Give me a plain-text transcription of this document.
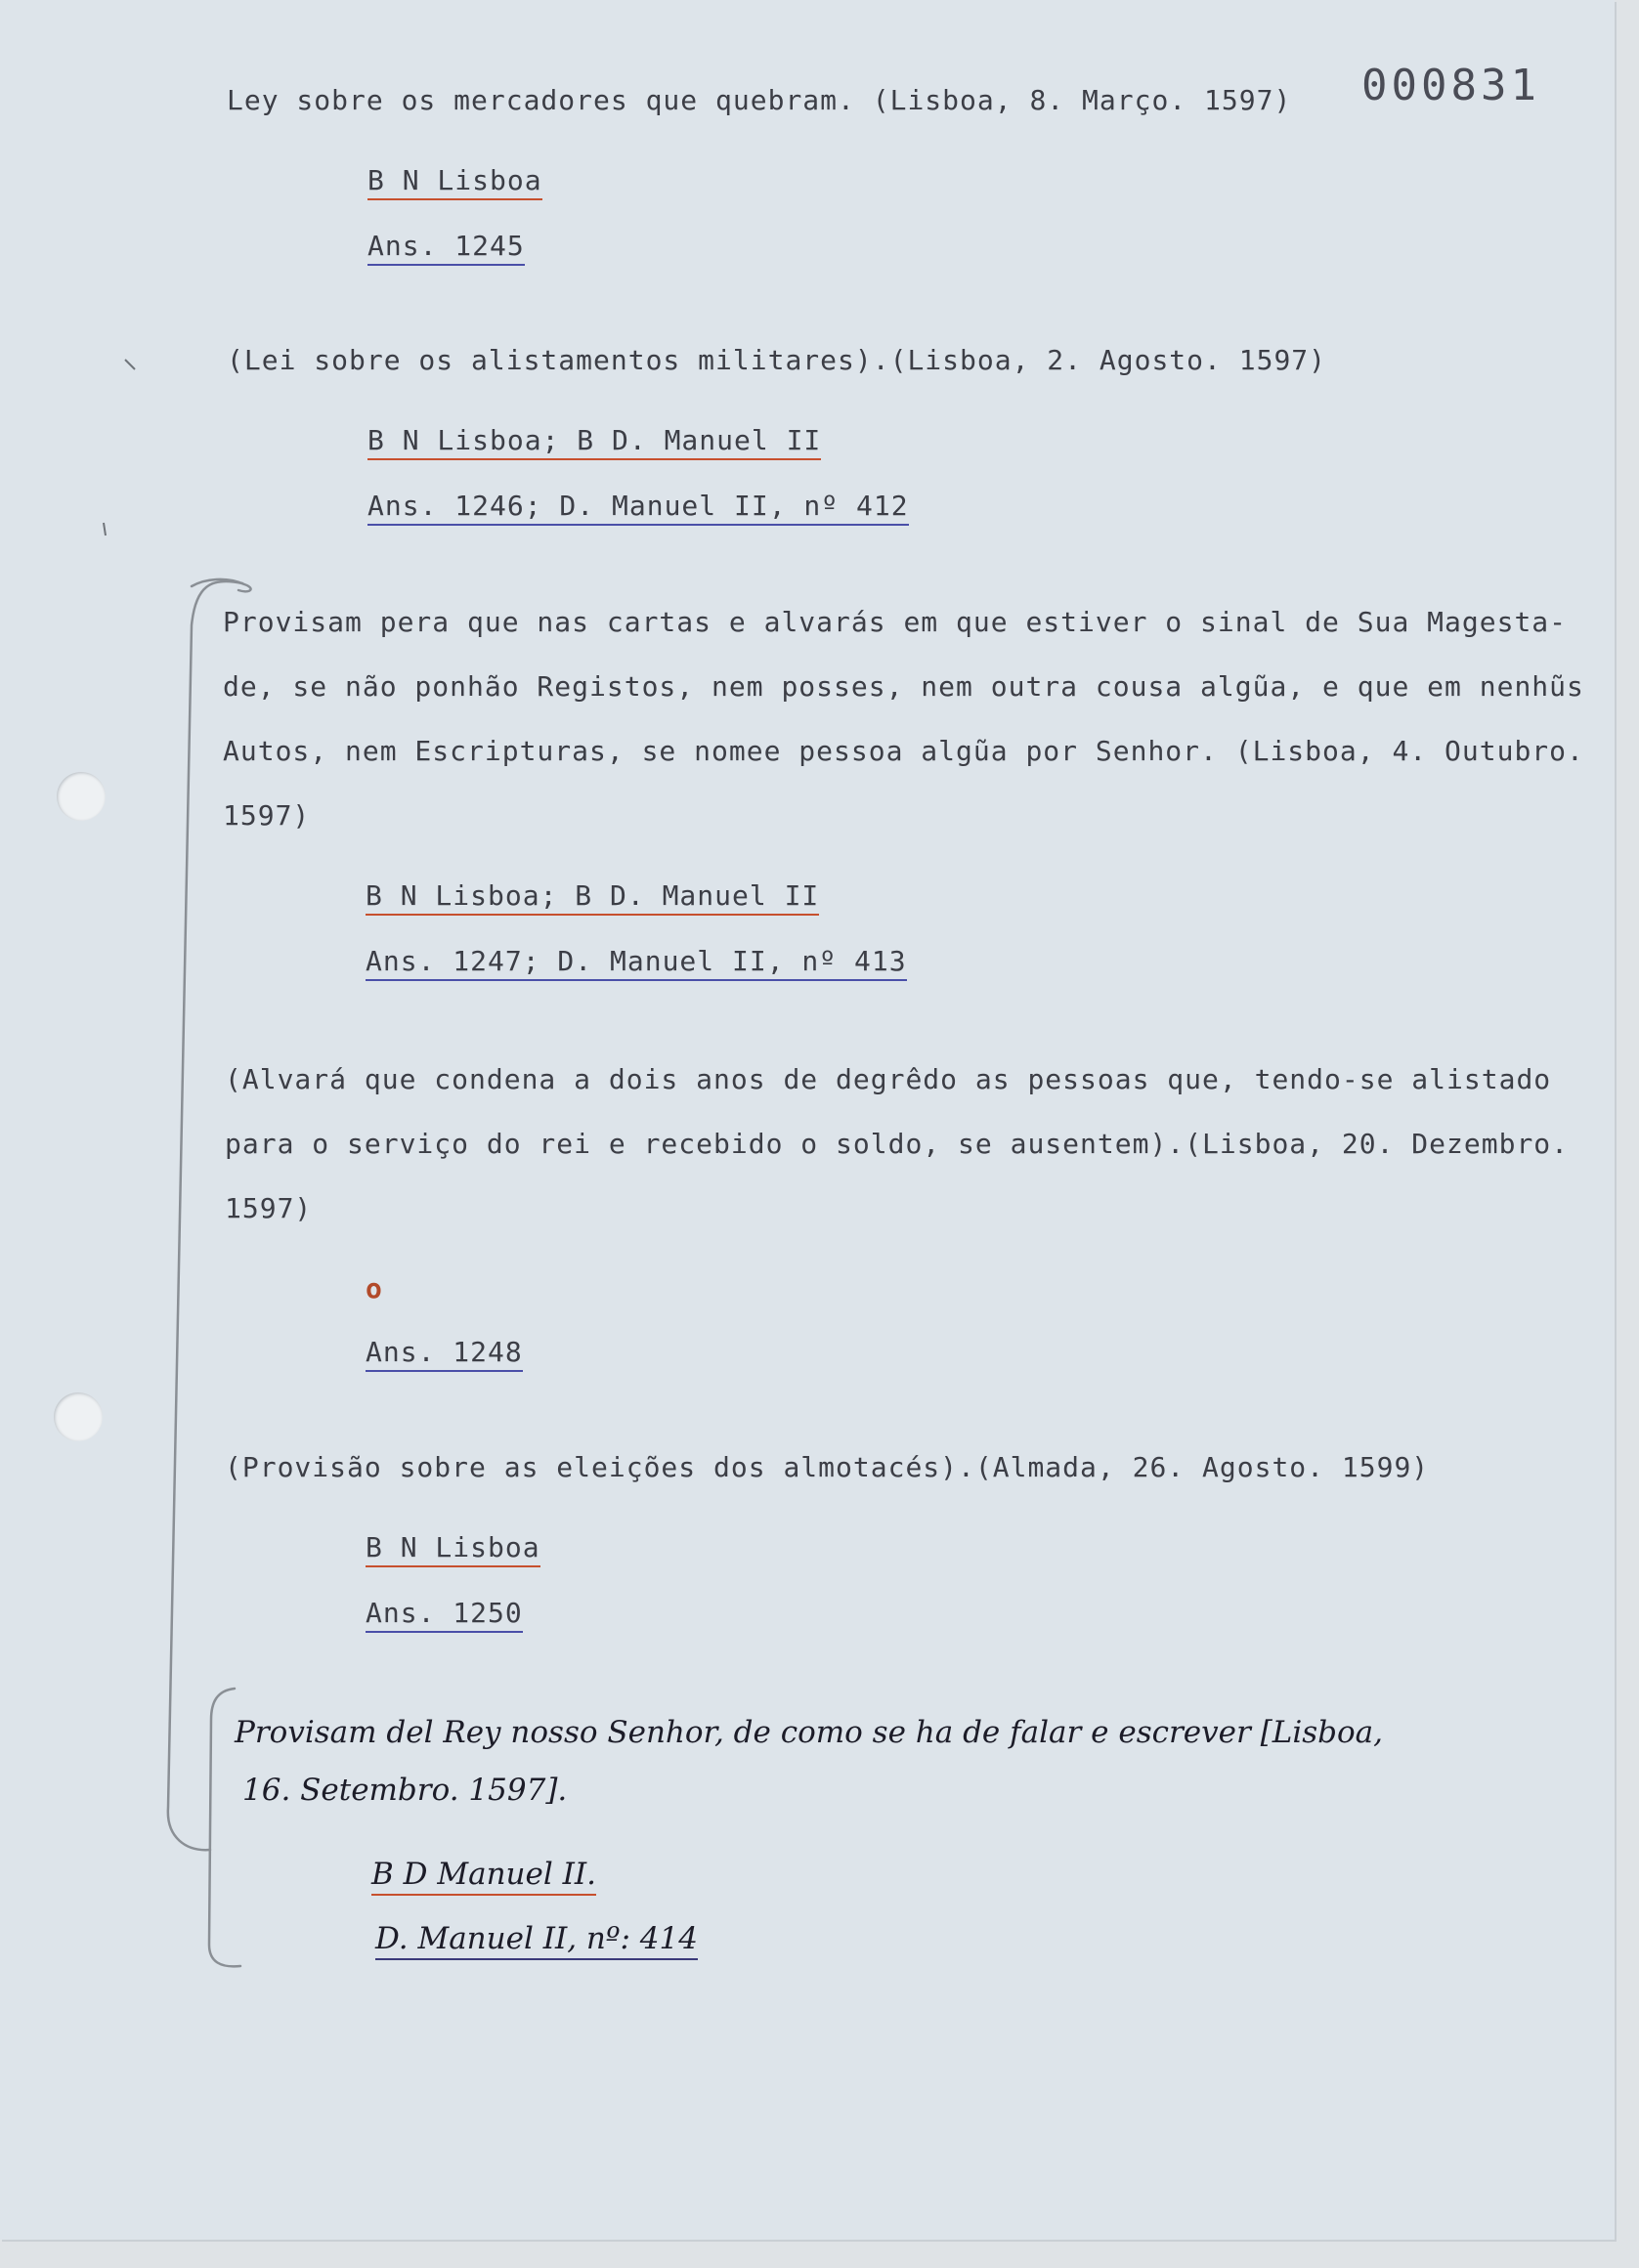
000831
Ley sobre os mercadores que quebram. (Lisboa, 8. Março. 1597)
B N Lisboa
Ans. 1245
(Lei sobre os alistamentos militares).(Lisboa, 2. Agosto. 1597)
B N Lisboa; B D. Manuel II
Ans. 1246; D. Manuel II, nº 412
Provisam pera que nas cartas e alvarás em que estiver o sinal de Sua Magesta-
de, se não ponhão Registos, nem posses, nem outra cousa algũa, e que em nenhũs
Autos, nem Escripturas, se nomee pessoa algũa por Senhor. (Lisboa, 4. Outubro.
1597)
B N Lisboa; B D. Manuel II
Ans. 1247; D. Manuel II, nº 413
(Alvará que condena a dois anos de degrêdo as pessoas que, tendo-se alistado
para o serviço do rei e recebido o soldo, se ausentem).(Lisboa, 20. Dezembro.
1597)
o
Ans. 1248
(Provisão sobre as eleições dos almotacés).(Almada, 26. Agosto. 1599)
B N Lisboa
Ans. 1250
Provisam del Rey nosso Senhor, de como se ha de falar e escrever [Lisboa,
16. Setembro. 1597].
B D Manuel II.
D. Manuel II, nº: 414
